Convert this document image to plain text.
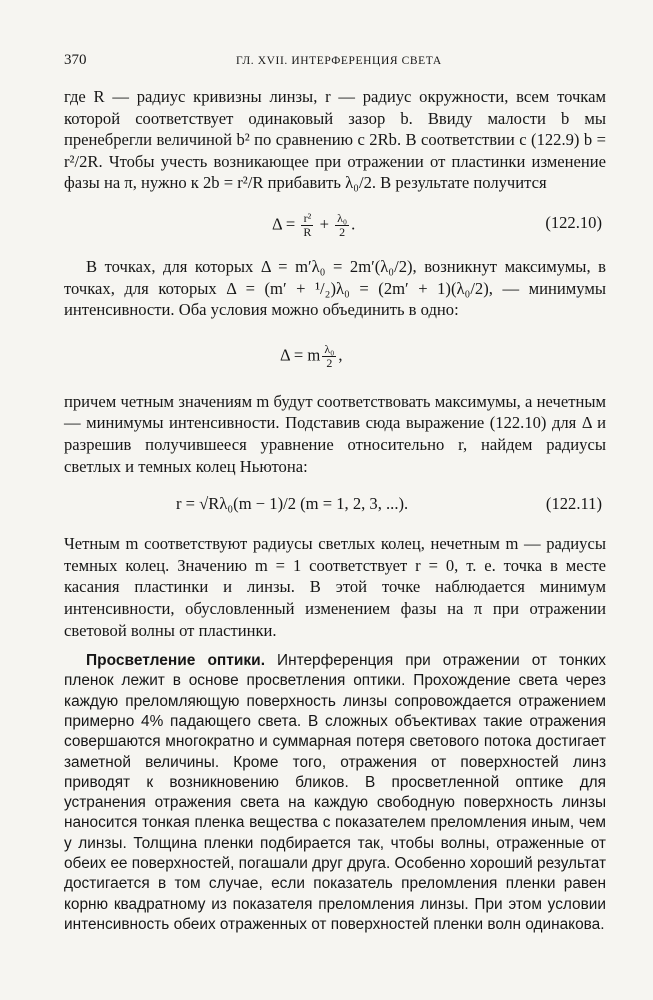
370	ГЛ. XVII. ИНТЕРФЕРЕНЦИЯ СВЕТА

где R — радиус кривизны линзы, r — радиус окружности, всем точкам которой соответствует одинаковый зазор b. Ввиду малости b мы пренебрегли величиной b² по сравнению с 2Rb. В соответствии с (122.9) b = r²/2R. Чтобы учесть возникающее при отражении от пластинки изменение фазы на π, нужно к 2b = r²/R прибавить λ₀/2. В результате получится

$\Delta = \frac{\text{r²}}{R} + \frac{\text{λ₀}}{2}$ .	(122.10)

В точках, для которых Δ = m′λ₀ = 2m′(λ₀/2), возникнут максимумы, в точках, для которых Δ = (m′ + ¹/₂)λ₀ = (2m′ + 1)(λ₀/2), — минимумы интенсивности. Оба условия можно объединить в одно:

Δ = m $\frac{\text{λ₀}}{2}$ ,

причем четным значениям m будут соответствовать максимумы, а нечетным — минимумы интенсивности. Подставив сюда выражение (122.10) для Δ и разрешив получившееся уравнение относительно r, найдем радиусы светлых и темных колец Ньютона:

r = √Rλ₀(m − 1)/2 (m = 1, 2, 3, ...).	(122.11)

Четным m соответствуют радиусы светлых колец, нечетным m — радиусы темных колец. Значению m = 1 соответствует r = 0, т. е. точка в месте касания пластинки и линзы. В этой точке наблюдается минимум интенсивности, обусловленный изменением фазы на π при отражении световой волны от пластинки.

Просветление оптики. Интерференция при отражении от тонких пленок лежит в основе просветления оптики. Прохождение света через каждую преломляющую поверхность линзы сопровождается отражением примерно 4% падающего света. В сложных объективах такие отражения совершаются многократно и суммарная потеря светового потока достигает заметной величины. Кроме того, отражения от поверхностей линз приводят к возникновению бликов. В просветленной оптике для устранения отражения света на каждую свободную поверхность линзы наносится тонкая пленка вещества с показателем преломления иным, чем у линзы. Толщина пленки подбирается так, чтобы волны, отраженные от обеих ее поверхностей, погашали друг друга. Особенно хороший результат достигается в том случае, если показатель преломления пленки равен корню квадратному из показателя преломления линзы. При этом условии интенсивность обеих отраженных от поверхностей пленки волн одинакова.
